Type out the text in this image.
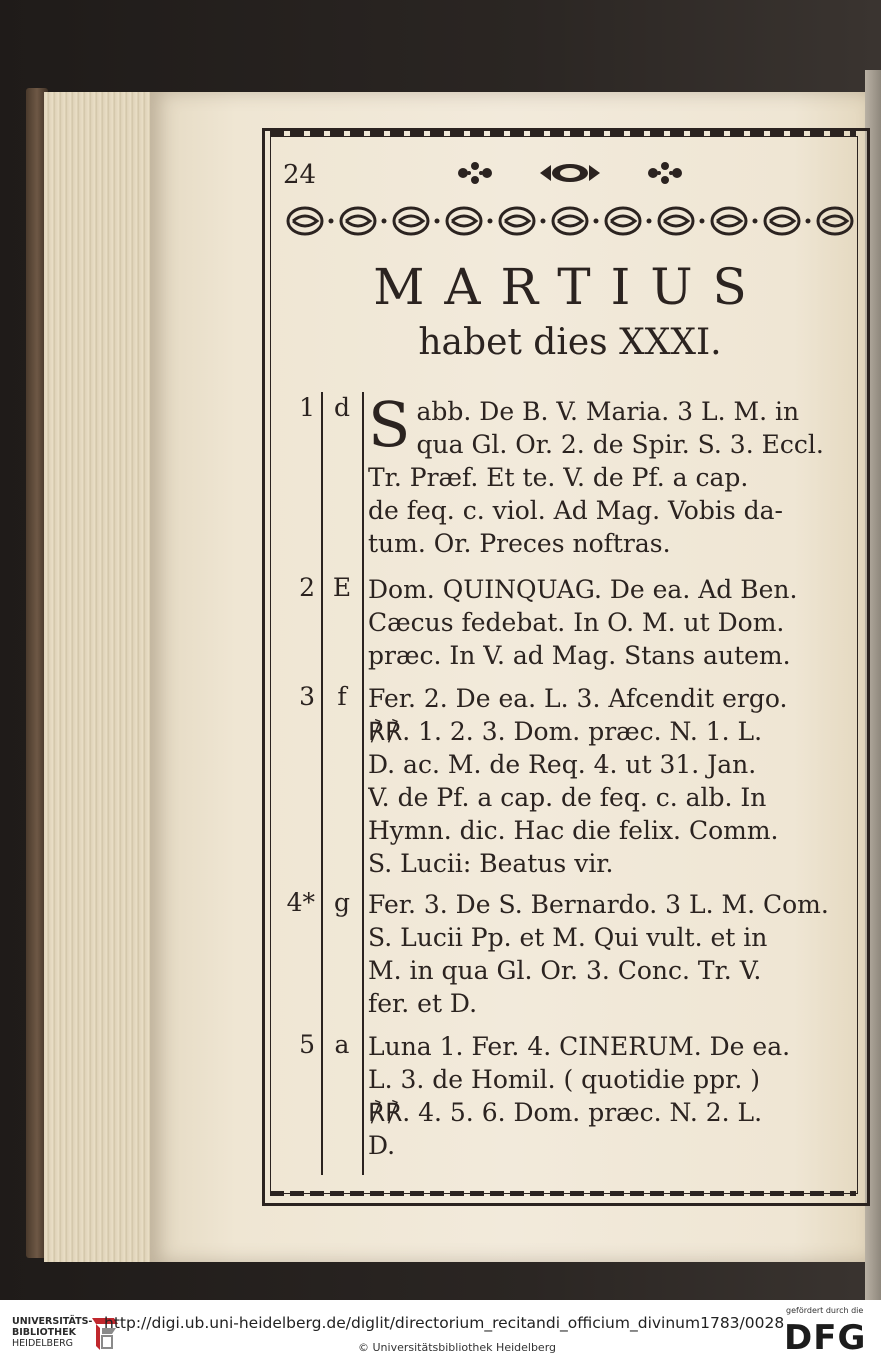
24
MARTIUS
habet dies XXXI.
1 d S abb. De B. V. Maria. 3 L. M. in
qua Gl. Or. 2. de Spir. S. 3. Eccl.
Tr. Præf. Et te. V. de Pf. a cap.
de feq. c. viol. Ad Mag. Vobis da-
tum. Or. Preces noftras.
2 E Dom. QUINQUAG. De ea. Ad Ben.
Cæcus fedebat. In O. M. ut Dom.
præc. In V. ad Mag. Stans autem.
3 f Fer. 2. De ea. L. 3. Afcendit ergo.
℟℟. 1. 2. 3. Dom. præc. N. 1. L.
D. ac. M. de Req. 4. ut 31. Jan.
V. de Pf. a cap. de feq. c. alb. In
Hymn. dic. Hac die felix. Comm.
S. Lucii: Beatus vir.
4* g Fer. 3. De S. Bernardo. 3 L. M. Com.
S. Lucii Pp. et M. Qui vult. et in
M. in qua Gl. Or. 3. Conc. Tr. V.
fer. et D.
5 a Luna 1. Fer. 4. CINERUM. De ea.
L. 3. de Homil. ( quotidie ppr. )
℟℟. 4. 5. 6. Dom. præc. N. 2. L.
D.
UNIVERSITÄTS-
BIBLIOTHEK
HEIDELBERG
http://digi.ub.uni-heidelberg.de/diglit/directorium_recitandi_officium_divinum1783/0028
© Universitätsbibliothek Heidelberg
gefördert durch die
DFG
